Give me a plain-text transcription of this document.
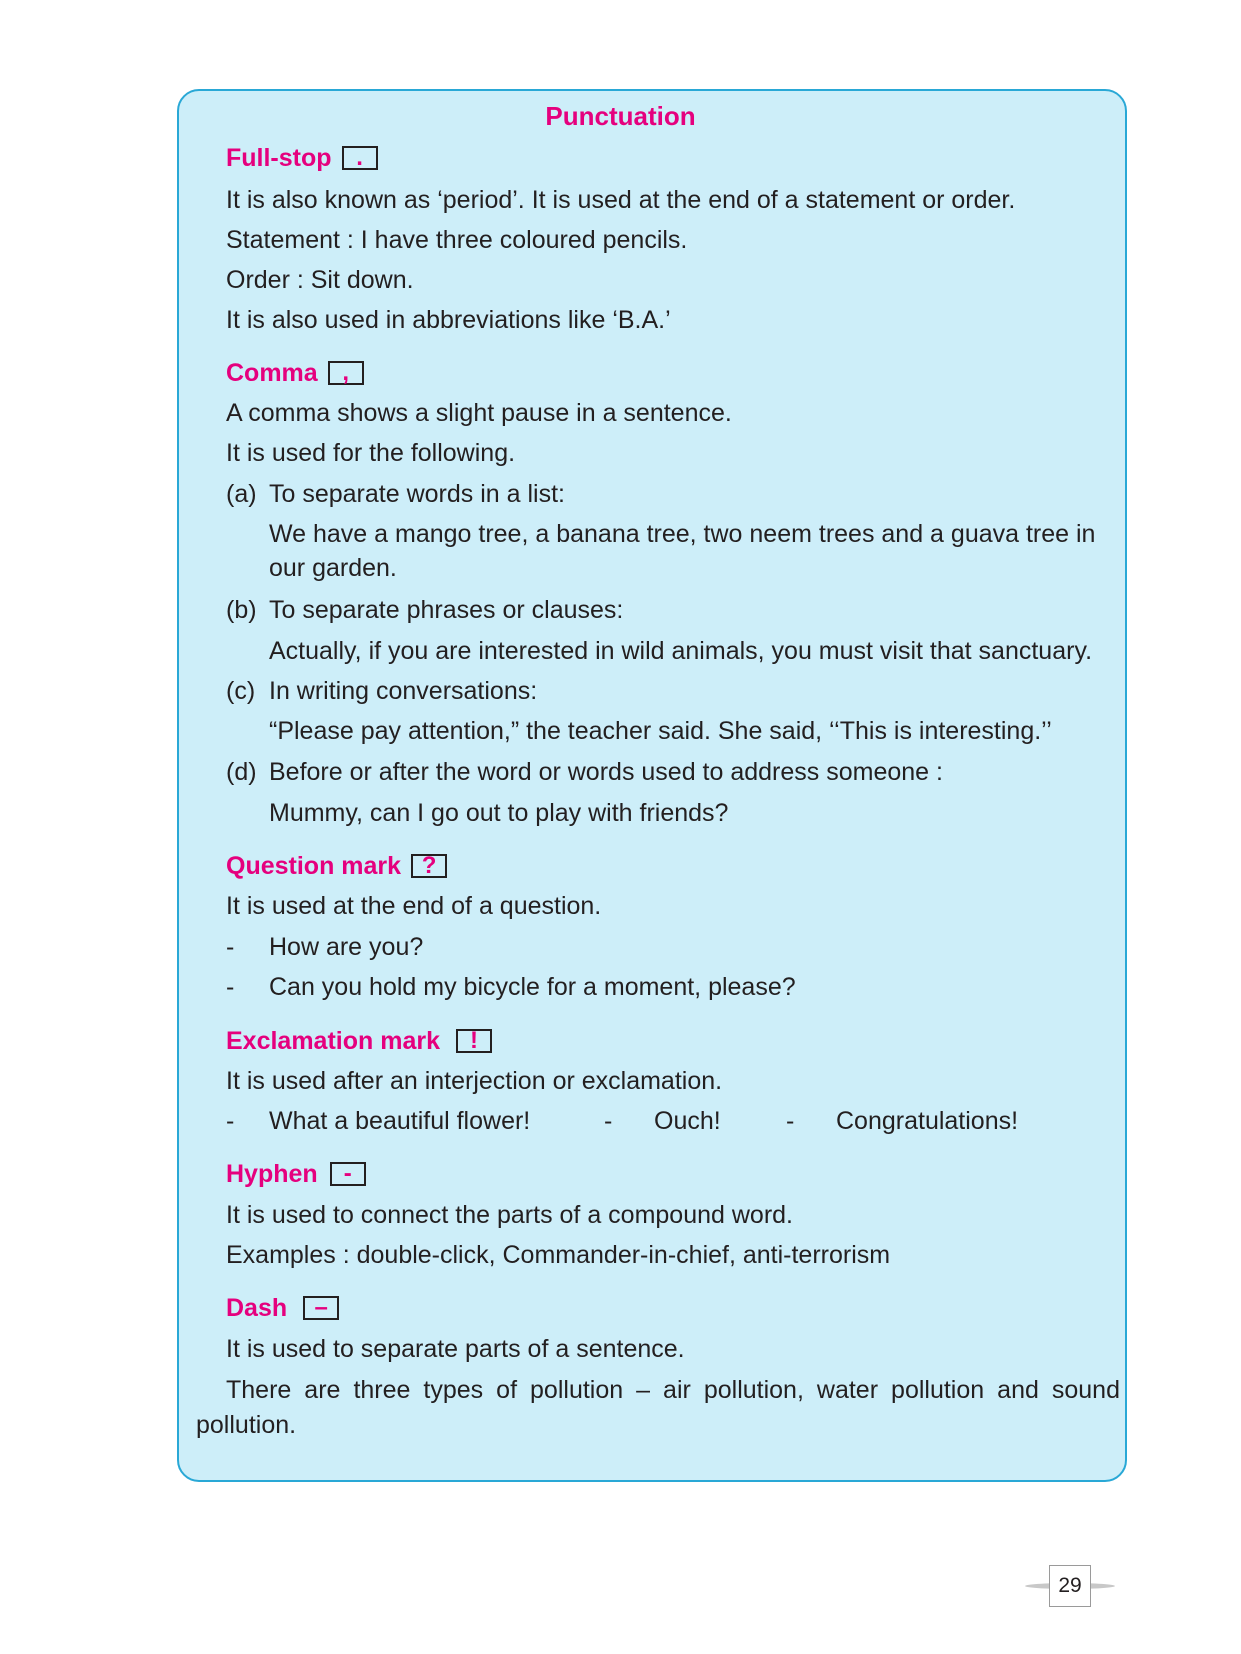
Punctuation
Full-stop	.
It is also known as ‘period’. It is used at the end of a statement or order.
Statement : I have three coloured pencils.
Order : Sit down.
It is also used in abbreviations like ‘B.A.’
Comma	,
A comma shows a slight pause in a sentence.
It is used for the following.
(a) To separate words in a list:
We have a mango tree, a banana tree, two neem trees and a guava tree in
our garden.
(b) To separate phrases or clauses:
Actually, if you are interested in wild animals, you must visit that sanctuary.
(c) In writing conversations:
“Please pay attention,” the teacher said. She said, ‘‘This is interesting.’’
(d) Before or after the word or words used to address someone :
Mummy, can I go out to play with friends?
Question mark ?
It is used at the end of a question.
- How are you?
- Can you hold my bicycle for a moment, please?
Exclamation mark	!
It is used after an interjection or exclamation.
- What a beautiful flower!	- Ouch!	- Congratulations!
Hyphen	-
It is used to connect the parts of a compound word.
Examples : double-click, Commander-in-chief, anti-terrorism
Dash	–
It is used to separate parts of a sentence.
There are three types of pollution – air pollution, water pollution and sound
pollution.
29
